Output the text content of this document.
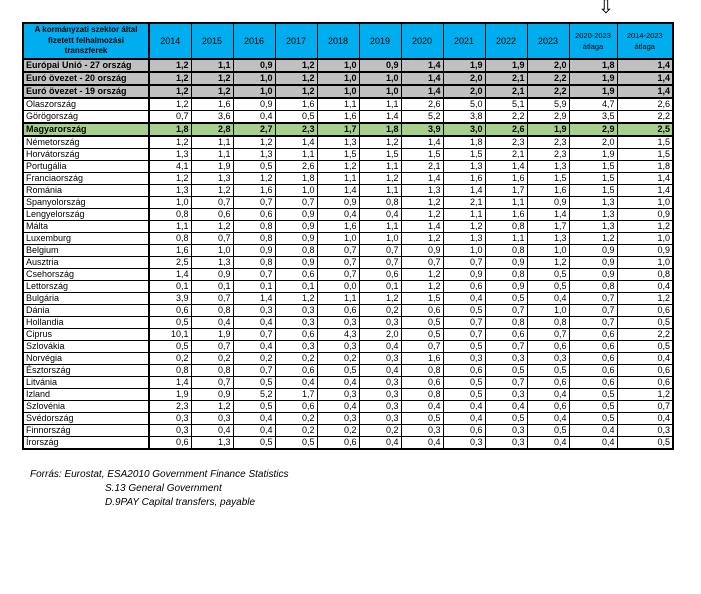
⇩
A kormányzati szektor által fizetett felhalmozási transzferek	2014	2015	2016	2017	2018	2019	2020	2021	2022	2023	2020-2023 átlaga	2014-2023 átlaga
Európai Unió - 27 ország	1,2	1,1	0,9	1,2	1,0	0,9	1,4	1,9	1,9	2,0	1,8	1,4
Euró övezet - 20 ország	1,2	1,2	1,0	1,2	1,0	1,0	1,4	2,0	2,1	2,2	1,9	1,4
Euró övezet - 19 ország	1,2	1,2	1,0	1,2	1,0	1,0	1,4	2,0	2,1	2,2	1,9	1,4
Olaszország	1,2	1,6	0,9	1,6	1,1	1,1	2,6	5,0	5,1	5,9	4,7	2,6
Görögország	0,7	3,6	0,4	0,5	1,6	1,4	5,2	3,8	2,2	2,9	3,5	2,2
Magyarország	1,8	2,8	2,7	2,3	1,7	1,8	3,9	3,0	2,6	1,9	2,9	2,5
Németország	1,2	1,1	1,2	1,4	1,3	1,2	1,4	1,8	2,3	2,3	2,0	1,5
Horvátország	1,3	1,1	1,3	1,1	1,5	1,5	1,5	1,5	2,1	2,3	1,9	1,5
Portugália	4,1	1,9	0,5	2,6	1,2	1,1	2,1	1,3	1,4	1,3	1,5	1,8
Franciaország	1,2	1,3	1,2	1,8	1,1	1,2	1,4	1,6	1,6	1,5	1,5	1,4
Románia	1,3	1,2	1,6	1,0	1,4	1,1	1,3	1,4	1,7	1,6	1,5	1,4
Spanyolország	1,0	0,7	0,7	0,7	0,9	0,8	1,2	2,1	1,1	0,9	1,3	1,0
Lengyelország	0,8	0,6	0,6	0,9	0,4	0,4	1,2	1,1	1,6	1,4	1,3	0,9
Málta	1,1	1,2	0,8	0,9	1,6	1,1	1,4	1,2	0,8	1,7	1,3	1,2
Luxemburg	0,8	0,7	0,8	0,9	1,0	1,0	1,2	1,3	1,1	1,3	1,2	1,0
Belgium	1,6	1,0	0,9	0,8	0,7	0,7	0,9	1,0	0,8	1,0	0,9	0,9
Ausztria	2,5	1,3	0,8	0,9	0,7	0,7	0,7	0,7	0,9	1,2	0,9	1,0
Csehország	1,4	0,9	0,7	0,6	0,7	0,6	1,2	0,9	0,8	0,5	0,9	0,8
Lettország	0,1	0,1	0,1	0,1	0,0	0,1	1,2	0,6	0,9	0,5	0,8	0,4
Bulgária	3,9	0,7	1,4	1,2	1,1	1,2	1,5	0,4	0,5	0,4	0,7	1,2
Dánia	0,6	0,8	0,3	0,3	0,6	0,2	0,6	0,5	0,7	1,0	0,7	0,6
Hollandia	0,5	0,4	0,4	0,3	0,3	0,3	0,5	0,7	0,8	0,8	0,7	0,5
Ciprus	10,1	1,9	0,7	0,6	4,3	2,0	0,5	0,7	0,6	0,7	0,6	2,2
Szlovákia	0,5	0,7	0,4	0,3	0,3	0,4	0,7	0,5	0,7	0,6	0,6	0,5
Norvégia	0,2	0,2	0,2	0,2	0,2	0,3	1,6	0,3	0,3	0,3	0,6	0,4
Észtország	0,8	0,8	0,7	0,6	0,5	0,4	0,8	0,6	0,5	0,5	0,6	0,6
Litvánia	1,4	0,7	0,5	0,4	0,4	0,3	0,6	0,5	0,7	0,6	0,6	0,6
Izland	1,9	0,9	5,2	1,7	0,3	0,3	0,8	0,5	0,3	0,4	0,5	1,2
Szlovénia	2,3	1,2	0,5	0,6	0,4	0,3	0,4	0,4	0,4	0,6	0,5	0,7
Svédország	0,3	0,3	0,4	0,2	0,3	0,3	0,5	0,4	0,5	0,4	0,5	0,4
Finnország	0,3	0,4	0,4	0,2	0,2	0,2	0,3	0,6	0,3	0,5	0,4	0,3
Írország	0,6	1,3	0,5	0,5	0,6	0,4	0,4	0,3	0,3	0,4	0,4	0,5
Forrás: Eurostat, ESA2010 Government Finance Statistics
S.13 General Government
D.9PAY Capital transfers, payable
